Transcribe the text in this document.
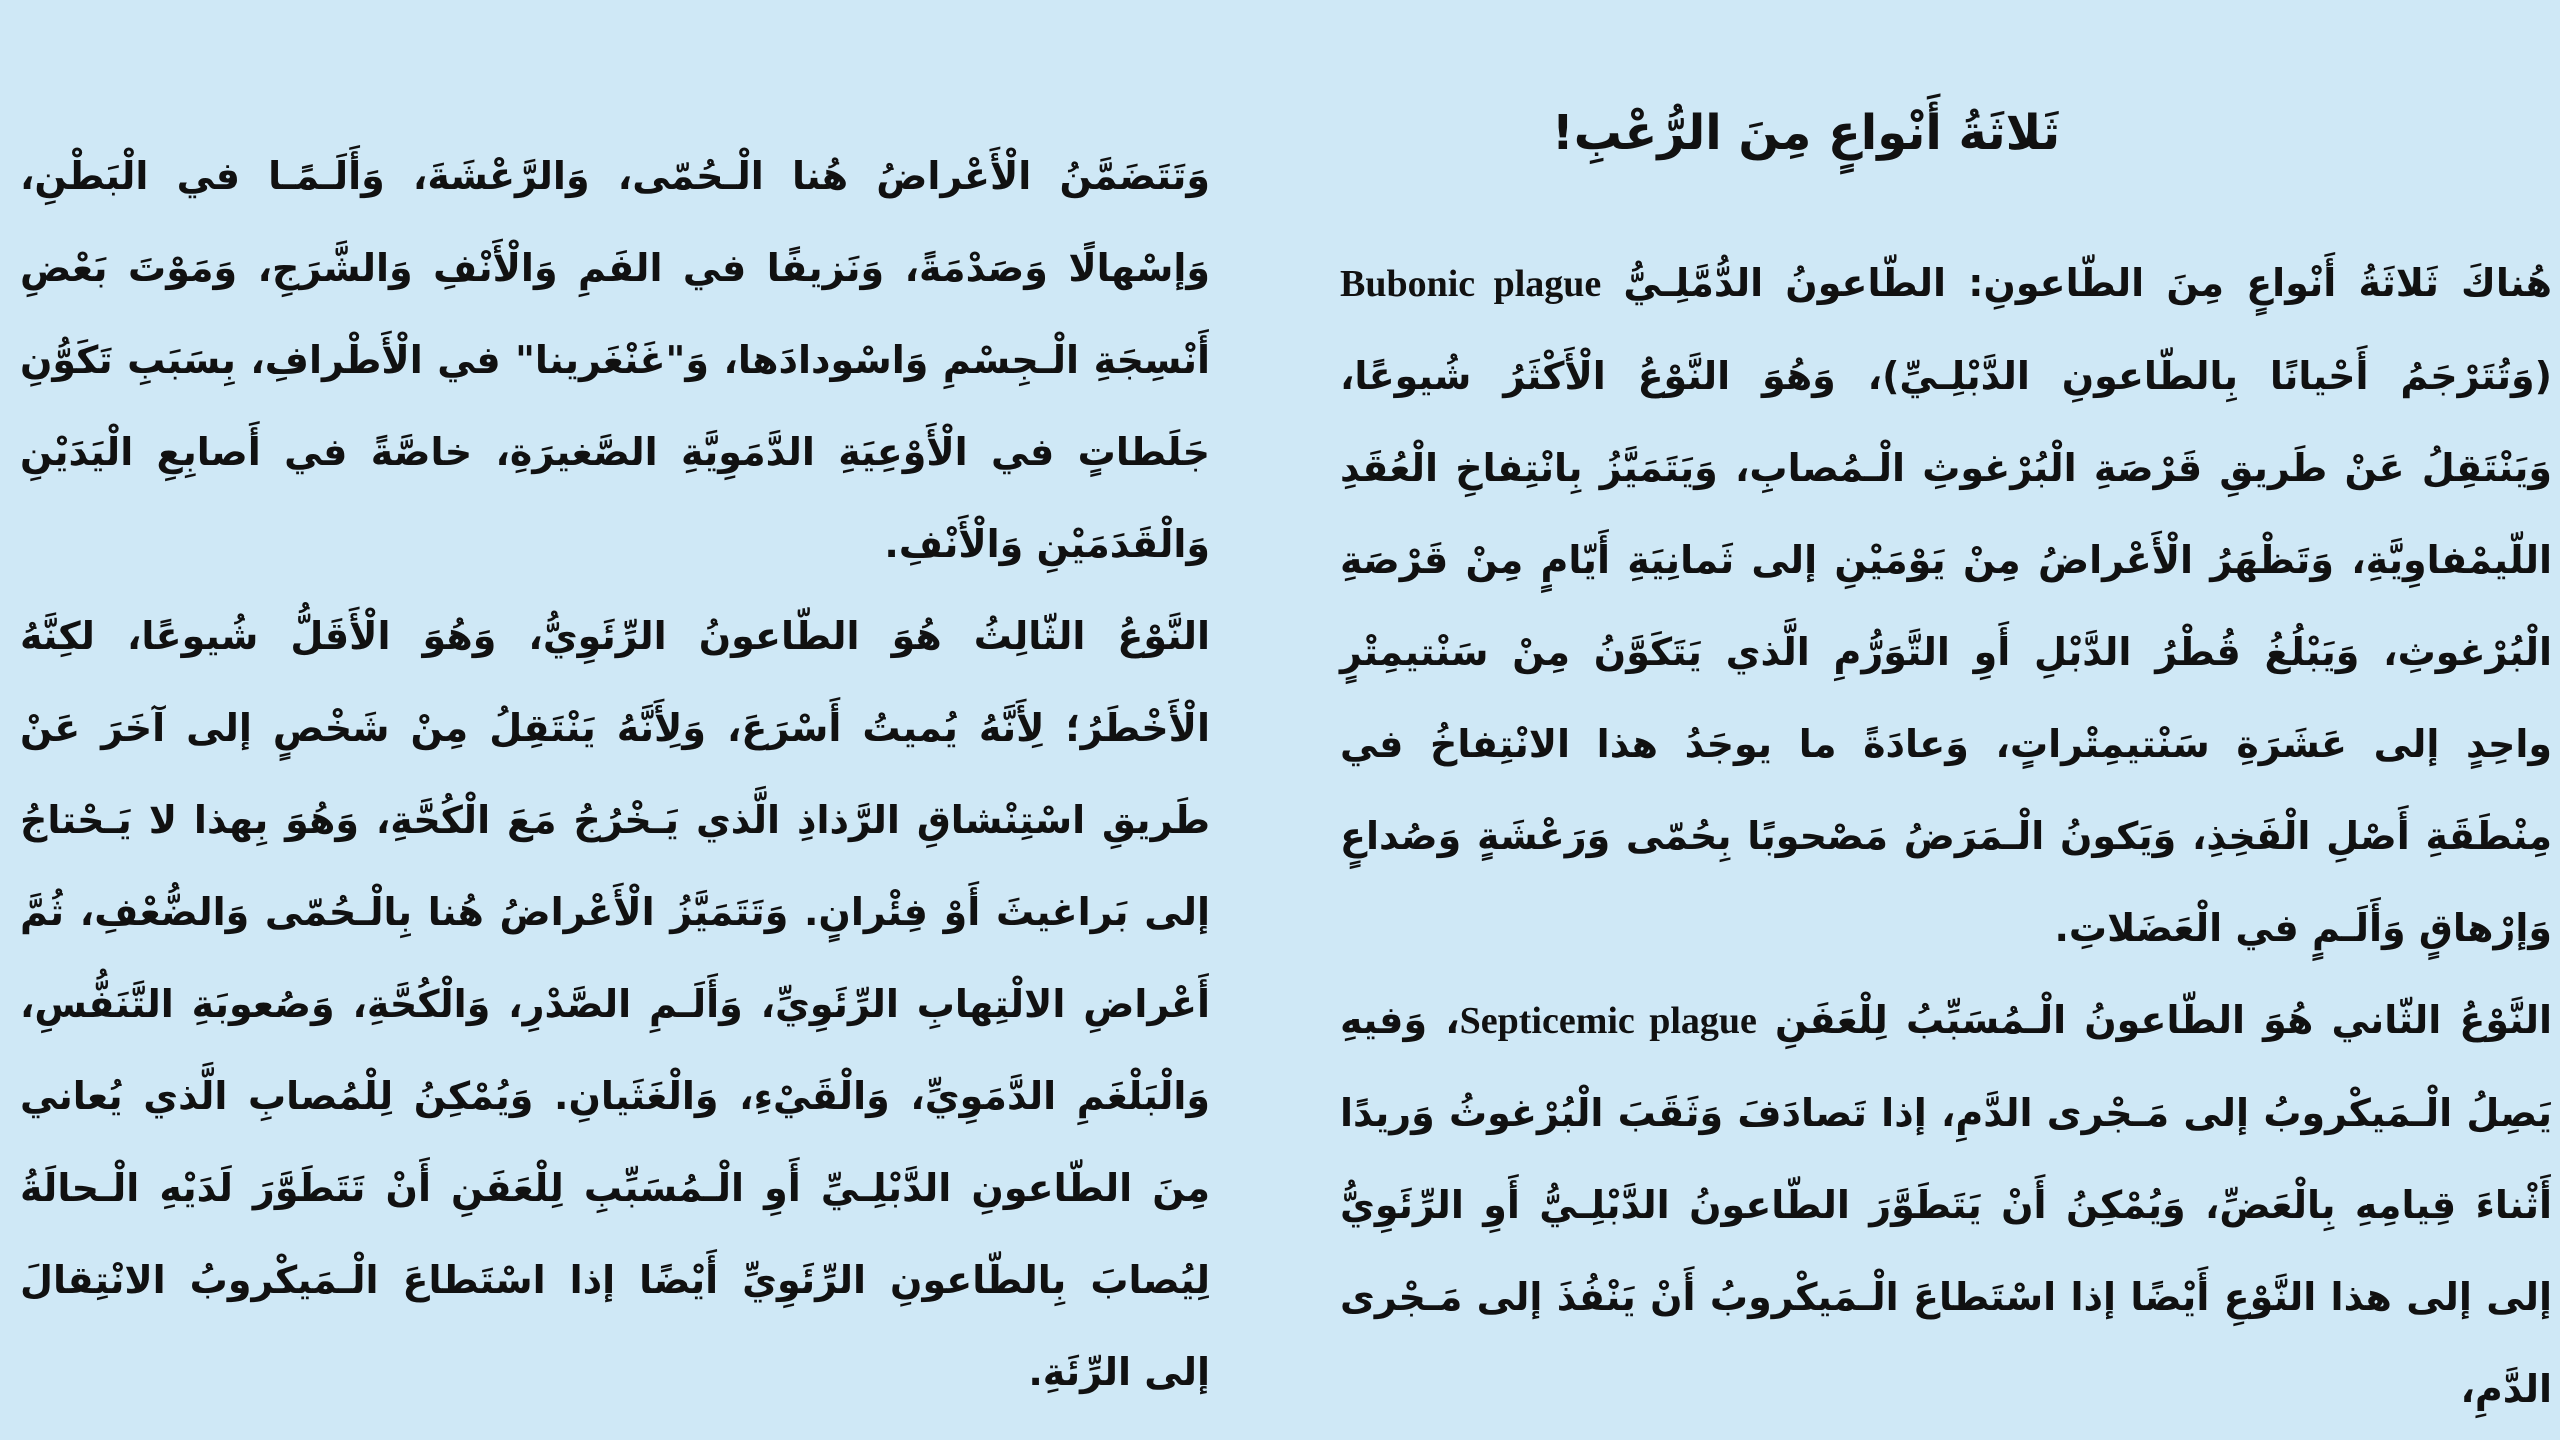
ثَلاثَةُ أَنْواعٍ مِنَ الرُّعْبِ!

هُناكَ ثَلاثَةُ أَنْواعٍ مِنَ الطّاعونِ: الطّاعونُ الدُّمَّلِـيُّ Bubonic plague (وَتُتَرْجَمُ أَحْيانًا بِالطّاعونِ الدَّبْلِـيِّ)، وَهُوَ النَّوْعُ الْأَكْثَرُ شُيوعًا، وَيَنْتَقِلُ عَنْ طَريقِ قَرْصَةِ الْبُرْغوثِ الْـمُصابِ، وَيَتَمَيَّزُ بِانْتِفاخِ الْعُقَدِ اللّيمْفاوِيَّةِ، وَتَظْهَرُ الْأَعْراضُ مِنْ يَوْمَيْنِ إلى ثَمانِيَةِ أَيّامٍ مِنْ قَرْصَةِ الْبُرْغوثِ، وَيَبْلُغُ قُطْرُ الدَّبْلِ أَوِ التَّوَرُّمِ الَّذي يَتَكَوَّنُ مِنْ سَنْتيمِتْرٍ واحِدٍ إلى عَشَرَةِ سَنْتيمِتْراتٍ، وَعادَةً ما يوجَدُ هذا الانْتِفاخُ في مِنْطَقَةِ أَصْلِ الْفَخِذِ، وَيَكونُ الْـمَرَضُ مَصْحوبًا بِحُمّى وَرَعْشَةٍ وَصُداعٍ وَإرْهاقٍ وَأَلَـمٍ في الْعَضَلاتِ.

النَّوْعُ الثّاني هُوَ الطّاعونُ الْـمُسَبِّبُ لِلْعَفَنِ Septicemic plague، وَفيهِ يَصِلُ الْـمَيكْروبُ إلى مَـجْرى الدَّمِ، إذا تَصادَفَ وَثَقَبَ الْبُرْغوثُ وَريدًا أَثْناءَ قِيامِهِ بِالْعَضِّ، وَيُمْكِنُ أَنْ يَتَطَوَّرَ الطّاعونُ الدَّبْلِـيُّ أَوِ الرِّئَوِيُّ إلى إلى هذا النَّوْعِ أَيْضًا إذا اسْتَطاعَ الْـمَيكْروبُ أَنْ يَنْفُذَ إلى مَـجْرى الدَّمِ،

وَتَتَضَمَّنُ الْأَعْراضُ هُنا الْـحُمّى، وَالرَّعْشَةَ، وَأَلَـمًـا في الْبَطْنِ، وَإسْهالًا وَصَدْمَةً، وَنَزيفًا في الفَمِ وَالْأَنْفِ وَالشَّرَجِ، وَمَوْتَ بَعْضِ أَنْسِجَةِ الْـجِسْمِ وَاسْودادَها، وَ"غَنْغَرينا" في الْأَطْرافِ، بِسَبَبِ تَكَوُّنِ جَلَطاتٍ في الْأَوْعِيَةِ الدَّمَوِيَّةِ الصَّغيرَةِ، خاصَّةً في أَصابِعِ الْيَدَيْنِ وَالْقَدَمَيْنِ وَالْأَنْفِ.

النَّوْعُ الثّالِثُ هُوَ الطّاعونُ الرِّئَوِيُّ، وَهُوَ الْأَقَلُّ شُيوعًا، لكِنَّهُ الْأَخْطَرُ؛ لِأَنَّهُ يُميتُ أَسْرَعَ، وَلِأَنَّهُ يَنْتَقِلُ مِنْ شَخْصٍ إلى آخَرَ عَنْ طَريقِ اسْتِنْشاقِ الرَّذاذِ الَّذي يَـخْرُجُ مَعَ الْكُحَّةِ، وَهُوَ بِهذا لا يَـحْتاجُ إلى بَراغيثَ أَوْ فِئْرانٍ. وَتَتَمَيَّزُ الْأَعْراضُ هُنا بِالْـحُمّى وَالضُّعْفِ، ثُمَّ أَعْراضِ الالْتِهابِ الرِّئَوِيِّ، وَأَلَـمِ الصَّدْرِ، وَالْكُحَّةِ، وَصُعوبَةِ التَّنَفُّسِ، وَالْبَلْغَمِ الدَّمَوِيِّ، وَالْقَيْءِ، وَالْغَثَيانِ. وَيُمْكِنُ لِلْمُصابِ الَّذي يُعاني مِنَ الطّاعونِ الدَّبْلِـيِّ أَوِ الْـمُسَبِّبِ لِلْعَفَنِ أَنْ تَتَطَوَّرَ لَدَيْهِ الْـحالَةُ لِيُصابَ بِالطّاعونِ الرِّئَوِيِّ أَيْضًا إذا اسْتَطاعَ الْـمَيكْروبُ الانْتِقالَ إلى الرِّئَةِ.
